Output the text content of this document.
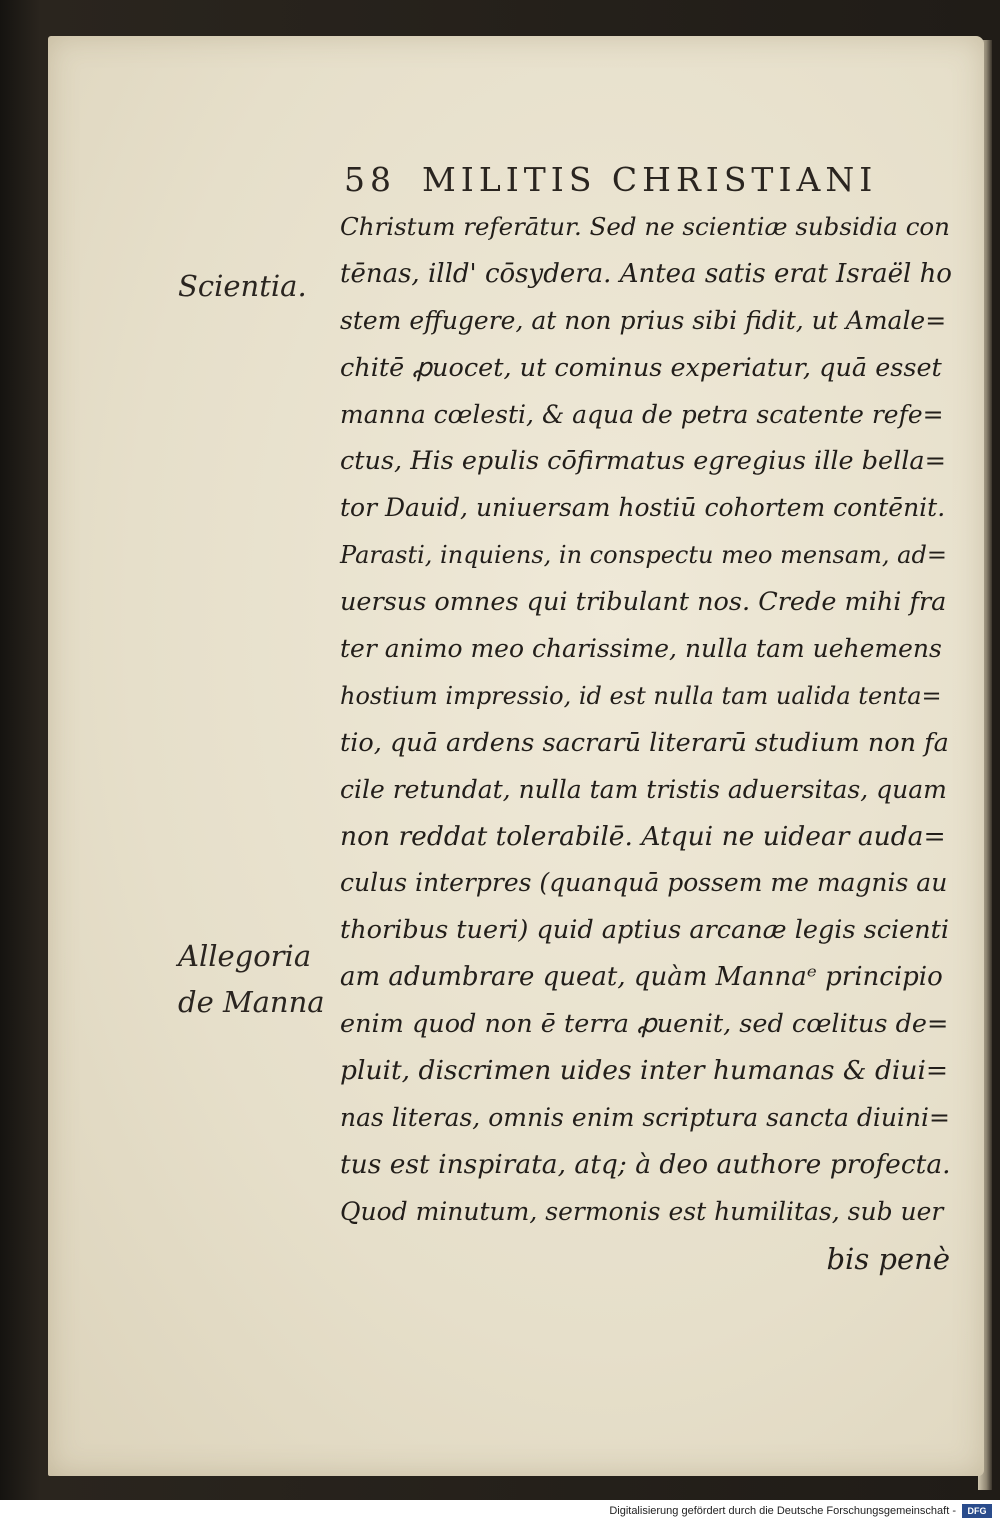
58 MILITIS CHRISTIANI
Scientia.
Allegoria
de Manna
Christum referātur. Sed ne scientiæ subsidia con
tēnas, illd' cōsydera. Antea satis erat Israël ho
stem effugere, at non prius sibi fidit, ut Amale=
chitē ꝓuocet, ut cominus experiatur, quā esset
manna cœlesti, & aqua de petra scatente refe=
ctus, His epulis cōfirmatus egregius ille bella=
tor Dauid, uniuersam hostiū cohortem contēnit.
Parasti, inquiens, in conspectu meo mensam, ad=
uersus omnes qui tribulant nos. Crede mihi fra
ter animo meo charissime, nulla tam uehemens
hostium impressio, id est nulla tam ualida tenta=
tio, quā ardens sacrarū literarū studium non fa
cile retundat, nulla tam tristis aduersitas, quam
non reddat tolerabilē. Atqui ne uidear auda=
culus interpres (quanquā possem me magnis au
thoribus tueri) quid aptius arcanæ legis scienti
am adumbrare queat, quàm Mannaᵉ principio
enim quod non ē terra ꝓuenit, sed cœlitus de=
pluit, discrimen uides inter humanas & diui=
nas literas, omnis enim scriptura sancta diuini=
tus est inspirata, atq; à deo authore profecta.
Quod minutum, sermonis est humilitas, sub uer
bis penè
Digitalisierung gefördert durch die Deutsche Forschungsgemeinschaft -	DFG
